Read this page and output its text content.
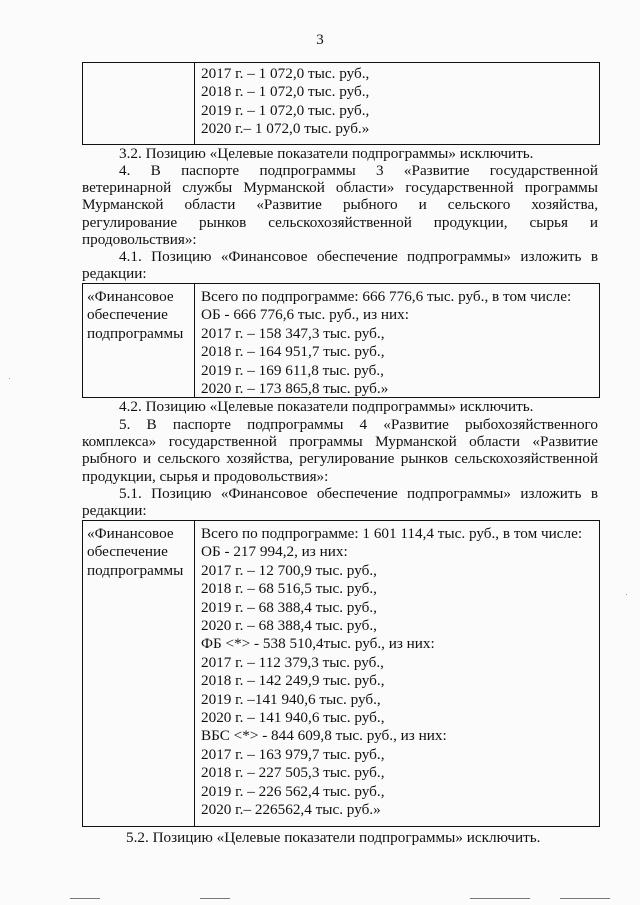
3
2017 г. – 1 072,0 тыс. руб.,
2018 г. – 1 072,0 тыс. руб.,
2019 г. – 1 072,0 тыс. руб.,
2020 г.– 1 072,0 тыс. руб.»
3.2. Позицию «Целевые показатели подпрограммы» исключить.
4. В паспорте подпрограммы 3 «Развитие государственной
ветеринарной службы Мурманской области» государственной программы
Мурманской области «Развитие рыбного и сельского хозяйства,
регулирование рынков сельскохозяйственной продукции, сырья и
продовольствия»:
4.1. Позицию «Финансовое обеспечение подпрограммы» изложить в
редакции:
«Финансовое
обеспечение
подпрограммы
Всего по подпрограмме: 666 776,6 тыс. руб., в том числе:
ОБ - 666 776,6 тыс. руб., из них:
2017 г. – 158 347,3 тыс. руб.,
2018 г. – 164 951,7 тыс. руб.,
2019 г. – 169 611,8 тыс. руб.,
2020 г. – 173 865,8 тыс. руб.»
4.2. Позицию «Целевые показатели подпрограммы» исключить.
5. В паспорте подпрограммы 4 «Развитие рыбохозяйственного
комплекса» государственной программы Мурманской области «Развитие
рыбного и сельского хозяйства, регулирование рынков сельскохозяйственной
продукции, сырья и продовольствия»:
5.1. Позицию «Финансовое обеспечение подпрограммы» изложить в
редакции:
«Финансовое
обеспечение
подпрограммы
Всего по подпрограмме: 1 601 114,4 тыс. руб., в том числе:
ОБ - 217 994,2, из них:
2017 г. – 12 700,9 тыс. руб.,
2018 г. – 68 516,5 тыс. руб.,
2019 г. – 68 388,4 тыс. руб.,
2020 г. – 68 388,4 тыс. руб.,
ФБ <*> - 538 510,4тыс. руб., из них:
2017 г. – 112 379,3 тыс. руб.,
2018 г. – 142 249,9 тыс. руб.,
2019 г. –141 940,6 тыс. руб.,
2020 г. – 141 940,6 тыс. руб.,
ВБС <*> - 844 609,8 тыс. руб., из них:
2017 г. – 163 979,7 тыс. руб.,
2018 г. – 227 505,3 тыс. руб.,
2019 г. – 226 562,4 тыс. руб.,
2020 г.– 226562,4 тыс. руб.»
5.2. Позицию «Целевые показатели подпрограммы» исключить.
